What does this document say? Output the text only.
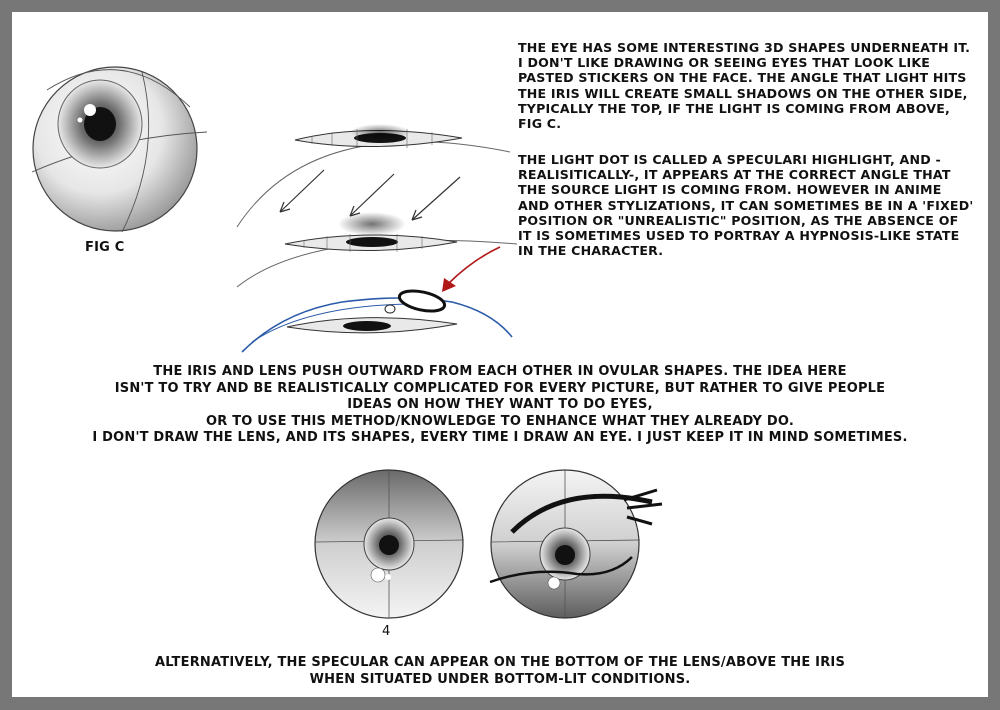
THE EYE HAS SOME INTERESTING 3D SHAPES UNDERNEATH IT. I DON'T LIKE DRAWING OR SEEING EYES THAT LOOK LIKE PASTED STICKERS ON THE FACE. THE ANGLE THAT LIGHT HITS THE IRIS WILL CREATE SMALL SHADOWS ON THE OTHER SIDE, TYPICALLY THE TOP, IF THE LIGHT IS COMING FROM ABOVE, FIG C.
THE LIGHT DOT IS CALLED A SPECULARI HIGHLIGHT, AND -REALISITICALLY-, IT APPEARS AT THE CORRECT ANGLE THAT THE SOURCE LIGHT IS COMING FROM. HOWEVER IN ANIME AND OTHER STYLIZATIONS, IT CAN SOMETIMES BE IN A 'FIXED' POSITION OR "UNREALISTIC" POSITION, AS THE ABSENCE OF IT IS SOMETIMES USED TO PORTRAY A HYPNOSIS-LIKE STATE IN THE CHARACTER.
FIG C
THE IRIS AND LENS PUSH OUTWARD FROM EACH OTHER IN OVULAR SHAPES. THE IDEA HERE
ISN'T TO TRY AND BE REALISTICALLY COMPLICATED FOR EVERY PICTURE, BUT RATHER TO GIVE PEOPLE
IDEAS ON HOW THEY WANT TO DO EYES,
OR TO USE THIS METHOD/KNOWLEDGE TO ENHANCE WHAT THEY ALREADY DO.
I DON'T DRAW THE LENS, AND ITS SHAPES, EVERY TIME I DRAW AN EYE. I JUST KEEP IT IN MIND SOMETIMES.
4
ALTERNATIVELY, THE SPECULAR CAN APPEAR ON THE BOTTOM OF THE LENS/ABOVE THE IRIS
WHEN SITUATED UNDER BOTTOM-LIT CONDITIONS.
